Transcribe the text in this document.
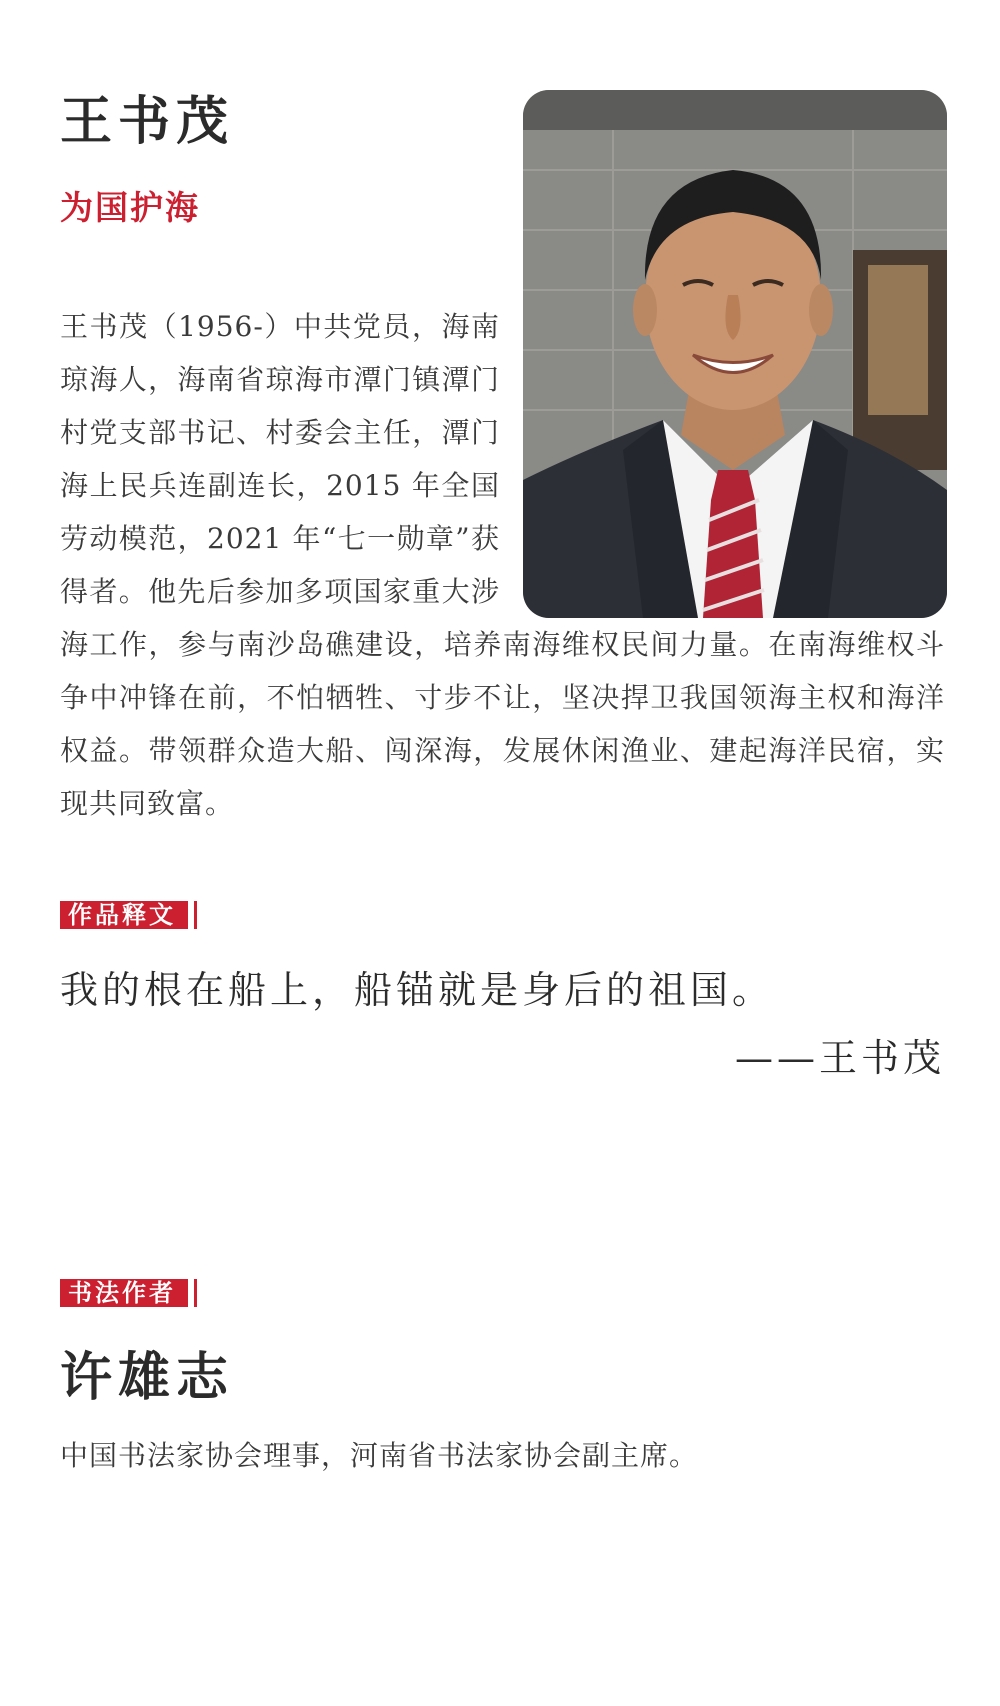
王书茂
为国护海
王书茂（1956-）中共党员，海南琼海人，海南省琼海市潭门镇潭门村党支部书记、村委会主任，潭门海上民兵连副连长，2015 年全国劳动模范，2021 年“七一勋章”获得者。他先后参加多项国家重大涉海工作，参与南沙岛礁建设，培养南海维权民间力量。在南海维权斗争中冲锋在前，不怕牺牲、寸步不让，坚决捍卫我国领海主权和海洋权益。带领群众造大船、闯深海，发展休闲渔业、建起海洋民宿，实现共同致富。
作品释文
我的根在船上，船锚就是身后的祖国。
——王书茂
书法作者
许雄志
中国书法家协会理事，河南省书法家协会副主席。
